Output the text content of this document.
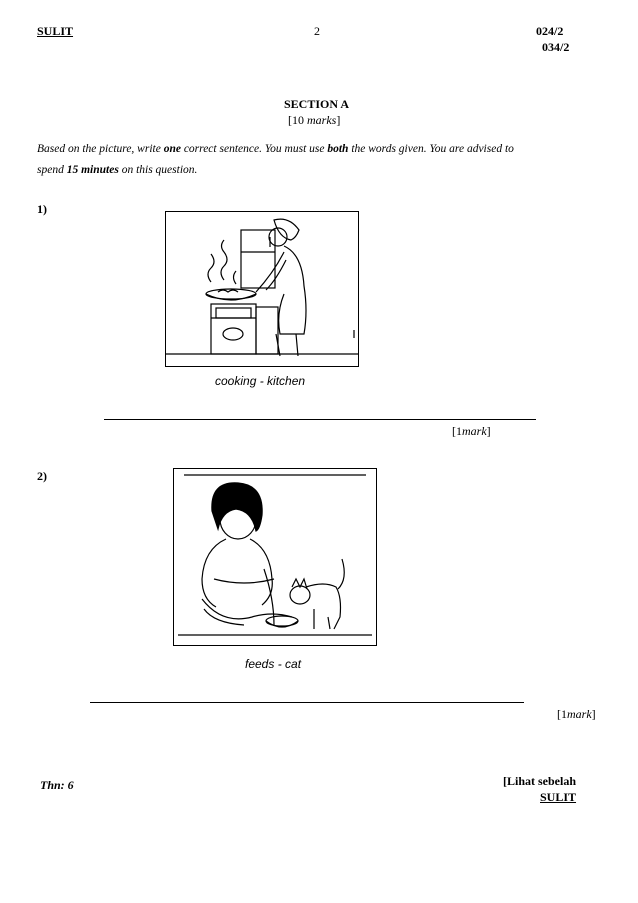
SULIT	2	024/2
034/2
SECTION A
[10 marks]
Based on the picture, write one correct sentence. You must use both the words given. You are advised to
spend 15 minutes on this question.
1)
cooking - kitchen
[1mark]
2)
feeds - cat
[1mark]
Thn: 6	[Lihat sebelah
SULIT
